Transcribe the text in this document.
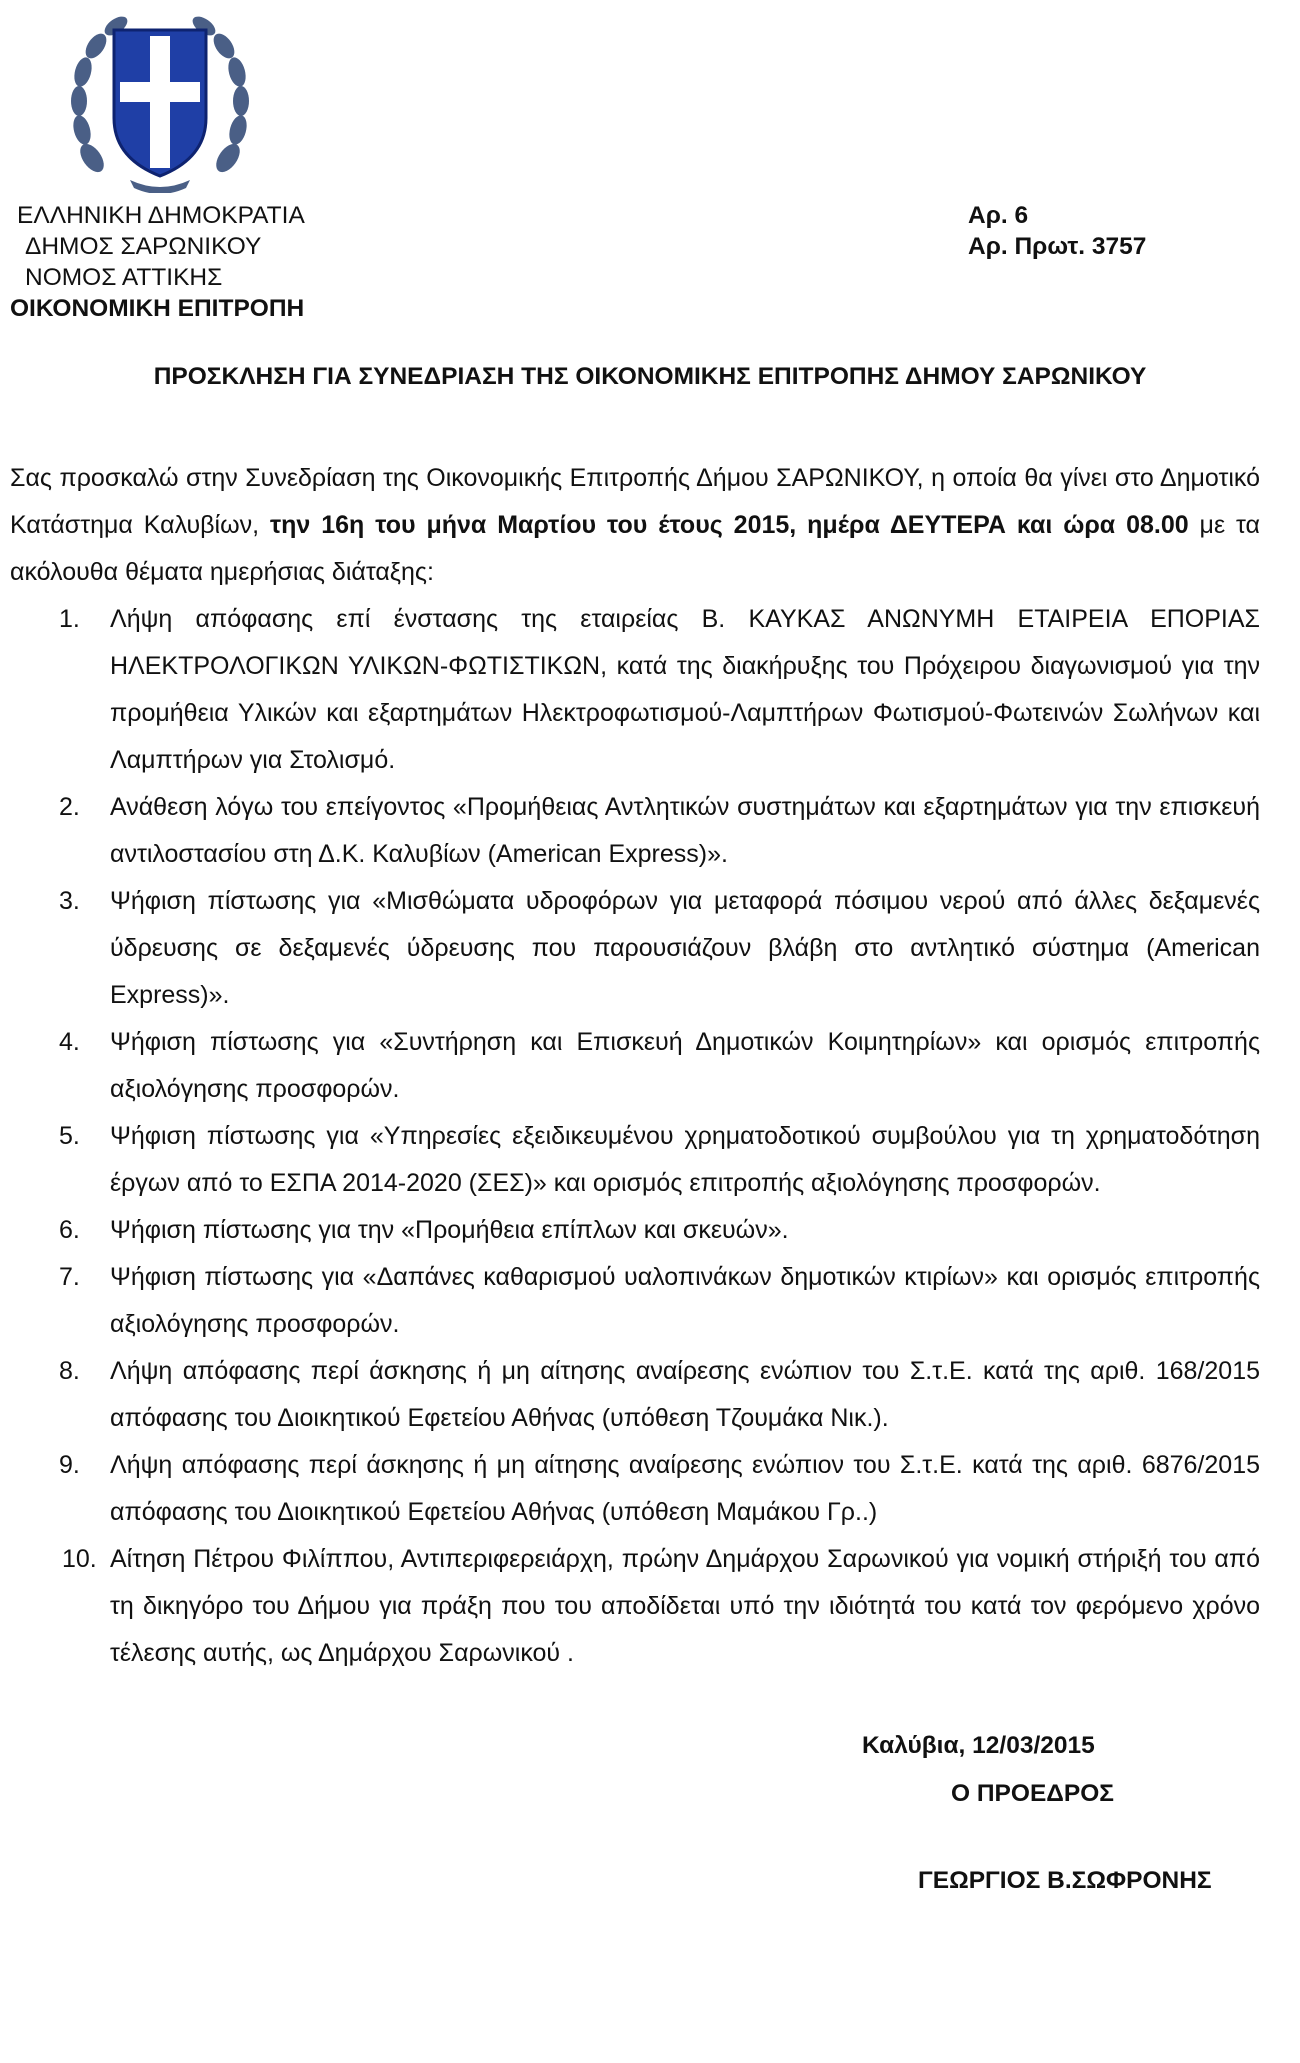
ΕΛΛΗΝΙΚΗ ΔΗΜΟΚΡΑΤΙΑ
ΔΗΜΟΣ ΣΑΡΩΝΙΚΟΥ
ΝΟΜΟΣ ΑΤΤΙΚΗΣ
ΟΙΚΟΝΟΜΙΚΗ ΕΠΙΤΡΟΠΗ
Αρ. 6
Αρ. Πρωτ. 3757
ΠΡΟΣΚΛΗΣΗ ΓΙΑ ΣΥΝΕΔΡΙΑΣΗ ΤΗΣ ΟΙΚΟΝΟΜΙΚΗΣ ΕΠΙΤΡΟΠΗΣ ΔΗΜΟΥ ΣΑΡΩΝΙΚΟΥ

Σας προσκαλώ στην Συνεδρίαση της Οικονομικής Επιτροπής Δήμου ΣΑΡΩΝΙΚΟΥ, η οποία θα γίνει στο Δημοτικό Κατάστημα Καλυβίων, την 16η του μήνα Μαρτίου του έτους 2015, ημέρα ΔΕΥΤΕΡΑ και ώρα 08.00 με τα ακόλουθα θέματα ημερήσιας διάταξης:

1. Λήψη απόφασης επί ένστασης της εταιρείας Β. ΚΑΥΚΑΣ ΑΝΩΝΥΜΗ ΕΤΑΙΡΕΙΑ ΕΠΟΡΙΑΣ ΗΛΕΚΤΡΟΛΟΓΙΚΩΝ ΥΛΙΚΩΝ-ΦΩΤΙΣΤΙΚΩΝ, κατά της διακήρυξης του Πρόχειρου διαγωνισμού για την προμήθεια Υλικών και εξαρτημάτων Ηλεκτροφωτισμού-Λαμπτήρων Φωτισμού-Φωτεινών Σωλήνων και Λαμπτήρων για Στολισμό.
2. Ανάθεση λόγω του επείγοντος «Προμήθειας Αντλητικών συστημάτων και εξαρτημάτων για την επισκευή αντιλοστασίου στη Δ.Κ. Καλυβίων (American Express)».
3. Ψήφιση πίστωσης για «Μισθώματα υδροφόρων για μεταφορά πόσιμου νερού από άλλες δεξαμενές ύδρευσης σε δεξαμενές ύδρευσης που παρουσιάζουν βλάβη στο αντλητικό σύστημα (American Express)».
4. Ψήφιση πίστωσης για «Συντήρηση και Επισκευή Δημοτικών Κοιμητηρίων» και ορισμός επιτροπής αξιολόγησης προσφορών.
5. Ψήφιση πίστωσης για «Υπηρεσίες εξειδικευμένου χρηματοδοτικού συμβούλου για τη χρηματοδότηση έργων από το ΕΣΠΑ 2014-2020 (ΣΕΣ)» και ορισμός επιτροπής αξιολόγησης προσφορών.
6. Ψήφιση πίστωσης για την «Προμήθεια επίπλων και σκευών».
7. Ψήφιση πίστωσης για «Δαπάνες καθαρισμού υαλοπινάκων δημοτικών κτιρίων» και ορισμός επιτροπής αξιολόγησης προσφορών.
8. Λήψη απόφασης περί άσκησης ή μη αίτησης αναίρεσης ενώπιον του Σ.τ.Ε. κατά της αριθ. 168/2015 απόφασης του Διοικητικού Εφετείου Αθήνας (υπόθεση Τζουμάκα Νικ.).
9. Λήψη απόφασης περί άσκησης ή μη αίτησης αναίρεσης ενώπιον του Σ.τ.Ε. κατά της αριθ. 6876/2015 απόφασης του Διοικητικού Εφετείου Αθήνας (υπόθεση Μαμάκου Γρ..)
10. Αίτηση Πέτρου Φιλίππου, Αντιπεριφερειάρχη, πρώην Δημάρχου Σαρωνικού για νομική στήριξή του από τη δικηγόρο του Δήμου για πράξη που του αποδίδεται υπό την ιδιότητά του κατά τον φερόμενο χρόνο τέλεσης αυτής, ως Δημάρχου Σαρωνικού .
Καλύβια, 12/03/2015
Ο ΠΡΟΕΔΡΟΣ
ΓΕΩΡΓΙΟΣ Β.ΣΩΦΡΟΝΗΣ
